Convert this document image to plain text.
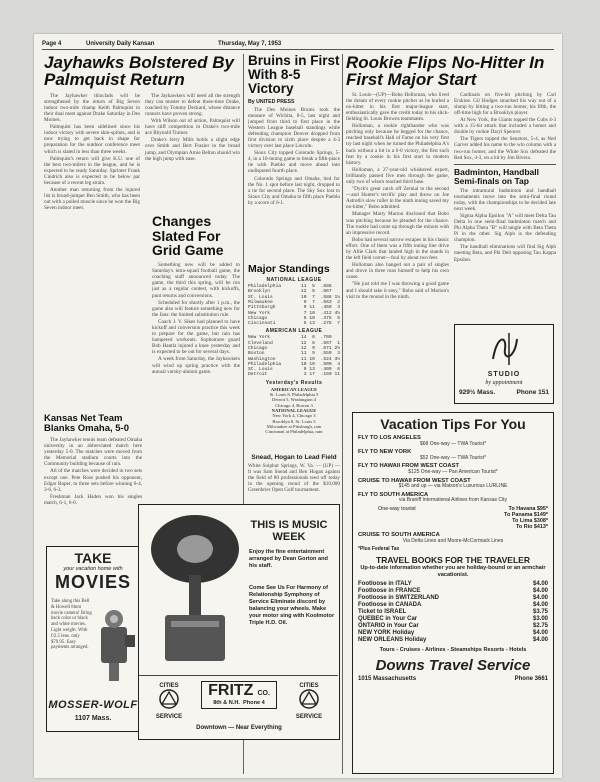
Page 4	University Daily Kansan	Thursday, May 7, 1953
Jayhawks Bolstered By Palmquist Return

The Jayhawker thinclads will be strengthened by the return of Big Seven indoor two-mile champ Keith Palmquist in their dual meet against Drake Saturday in Des Moines.

Palmquist has been sidelined since his indoor victory with severe shin-splints, and is now trying to get back in shape for preparation for the outdoor conference meet which is slated in less than three weeks.

Palmquist's return will give K.U. one of the best two-milers in the league, and he is expected to be ready Saturday. Sprinter Frank Cindrich also is expected to be below par because of a recent leg strain.

Another man returning from the injured list is broad-jumper Ben Smith, who has been out with a pulled muscle since he won the Big Seven indoor meet.

The Jayhawkers will need all the strength they can muster to defeat three-time Drake, coached by Tommy Deckard, whose distance runners have proven strong.

With Wilson out of action, Palmquist will have stiff competition in Drake's two-mile ace Rhynold Trainer.

Drake's Jerry Mills holds a slight edge over Smith and Bert Frazier in the broad jump, and Olympian Arnie Belton should win the high jump with ease.

Kansas Net Team Blanks Omaha, 5-0

The Jayhawker tennis team defeated Omaha university in an abbreviated match here yesterday 5-0. The matches were moved from the Memorial stadium courts into the Community building because of rain.

All of the matches were decided in two sets except one. Pete Ross pushed his opponent, Edgar Roper, to three sets before winning 6-4, 3-6, 6-3.

Freshman Jack Haden won his singles match, 6-1, 6-0.

TAKE
your vacation home with
MOVIES
Take along this Bell & Howell 8mm movie camera! Bring back color or black and white movies. Light weight. With f/2.5 lens. only $79.95. Easy payments arranged.
MOSSER-WOLF
1107 Mass.
Bruins in First With 8-5 Victory
By UNITED PRESS

The Des Moines Bruins took the measure of Wichita, 8-5, last night and jumped from third to first place in the Western League baseball standings while defending champion Denver dropped from first division to sixth place despite a 4-3 victory over last place Lincoln.

Sioux City topped Colorado Springs, 5-4, in a 10-inning game to break a fifth-place tie with Pueblo and move ahead into undisputed fourth place.

Colorado Springs and Omaha, tied for the No. 1 spot before last night, dropped to a tie for second place. The Sky Sox lost to Sioux City and Omaha to fifth place Pueblo by a score of 6-1.

Changes Slated For Grid Game

Something new will be added to Saturday's intra-squad football game, the coaching staff announced today. The game, the third this spring, will be run just as a regular contest, with kickoffs, punt returns and conversions.

Scheduled for shortly after 1 p.m., the game also will feature something new for the fans: the limited substitution rule.

Coach J. V. Sikes had planned to have kickoff and conversion practice this week to prepare for the game, but rain has hampered workouts. Sophomore guard Bob Hantla injured a knee yesterday and is expected to be out for several days.

A week from Saturday, the Jayhawkers will wind up spring practice with the annual varsity-alumni game.

Major Standings
NATIONAL LEAGUE
Philadelphia	11	5	.688	
Brooklyn	12	6	.667	
St. Louis	10	7	.588	1½
Milwaukee	9	7	.563	2
Pittsburgh	9	11	.450	4
New York	7	10	.412	4½
Chicago	6	10	.375	5
Cincinnati	5	13	.278	7
AMERICAN LEAGUE
New York	14	6	.700	
Cleveland	12	6	.667	1
Chicago	12	9	.571	2½
Boston	11	9	.550	3
Washington	11	10	.524	3½
Philadelphia	10	10	.500	4
St. Louis	9	13	.409	6
Detroit	3	17	.150	11
Yesterday's Results
AMERICAN LEAGUE
St. Louis 8, Philadelphia 5
Detroit 5, Washington 4
Chicago 4, Boston 3
NATIONAL LEAGUE
New York 4, Chicago 3
Brooklyn 8, St. Louis 5
Milwaukee at Pittsburgh, rain
Cincinnati at Philadelphia, rain
Snead, Hogan to Lead Field
White Sulphur Springs, W. Va. — (UP) — It was Sam Snead and Ben Hogan against the field of 80 professionals teed off today in the opening round of the $10,000 Greenbrier Open Golf tournament.
THIS IS MUSIC WEEK
Enjoy the fine entertainment arranged by Dean Gorton and his staff.
Come See Us For Harmony of Relationship Symphony of Service Eliminate discord by balancing your wheels. Make your motor sing with Koolmotor Triple H.D. Oil.
CITIES
SERVICE
FRITZ CO.
8th & N.H. Phone 4
CITIES
SERVICE
Downtown — Near Everything
Rookie Flips No-Hitter In First Major Start

St. Louis—(UP)—Bobo Holloman, who lived the dream of every rookie pitcher as he hurled a no-hitter in his first major-league start, enthusiastically gave the credit today to his slick-fielding St. Louis Browns teammates.

Holloman, a rookie righthander who was pitching only because he begged for the chance, reached baseball's Hall of Fame on his very first try last night when he turned the Philadelphia A's back without a hit in a 6-0 victory, the first such feat by a rookie in his first start in modern history.

Holloman, a 27-year-old whiskered expert, brilliantly passed five men through the game, only two of whom reached third base.

"Dyck's great catch off Zernial to the second—and Hunter's terrific play and throw on Joe Astroth's slow roller in the ninth inning saved my no-hitter," Bobo admitted.

Manager Marty Marion disclosed that Bobo was pitching because he pleaded for the chance. The rookie had come up through the minors with an impressive record.

Bobo had several narrow escapes in his classic effort. One of them was a fifth inning line drive by Allie Clark that landed high in the stands in the left field corner—foul by about two feet.

Holloman also banged out a pair of singles and drove in three runs himself to help his own cause.

"He just told me I was throwing a good game and I should take it easy," Bobo said of Marion's visit to the mound in the ninth.

Cardinals on five-hit pitching by Carl Erskine. Gil Hodges smacked his way out of a slump by hitting a two-run homer, his fifth, the off-time high for a Brooklyn player.

At New York, the Giants topped the Cubs 4-3 with a 15-hit attack that included a homer and double by rookie Daryl Spencer.

The Tigers topped the Senators, 5-4, as Ned Garver added his name to the win column with a two-run homer, and the White Sox defeated the Red Sox, 4-3, on a hit by Jim Rivera.

Badminton, Handball Semi-finals on Tap

The intramural badminton and handball tournaments move into the semi-final round today, with the championships to be decided late next week.

Sigma Alpha Epsilon "A" will meet Delta Tau Delta in one semi-final badminton match and Phi Alpha Theta "B" will tangle with Beta Theta Pi in the other. Sig Alph is the defending champion.

The handball eliminations will find Sig Alph meeting Beta, and Phi Delt opposing Tau Kappa Epsilon.

STUDIO
by appointment
929½ Mass.	Phone 151
Vacation Tips For You
FLY TO LOS ANGELES
$68 One-way — TWA Tourist*
FLY TO NEW YORK
$52 One-way — TWA Tourist*
FLY TO HAWAII FROM WEST COAST
$125 One-way — Pan American Tourist*
CRUISE TO HAWAII FROM WEST COAST
$145 and up — via Matson's Luxurious LURLINE
FLY TO SOUTH AMERICA
via Braniff International Airlines from Kansas City
One-way tourist	To Havana $95*
To Panama $149*
To Lima $308*
To Rio $413*
CRUISE TO SOUTH AMERICA
Via Delta Lines and Moore-McCormack Lines
*Plus Federal Tax
TRAVEL BOOKS FOR THE TRAVELER
Up-to-date information whether you are holiday-bound or an armchair vacationist.
Footloose in ITALY	$4.00
Footloose in FRANCE	$4.00
Footloose in SWITZERLAND	$4.00
Footloose in CANADA	$4.00
Ticket to ISRAEL	$3.75
QUEBEC in Your Car	$3.00
ONTARIO in Your Car	$2.75
NEW YORK Holiday	$4.00
NEW ORLEANS Holiday	$4.00
Tours - Cruises - Airlines - Steamships Resorts - Hotels
Downs Travel Service
1015 Massachusetts	Phone 3661
